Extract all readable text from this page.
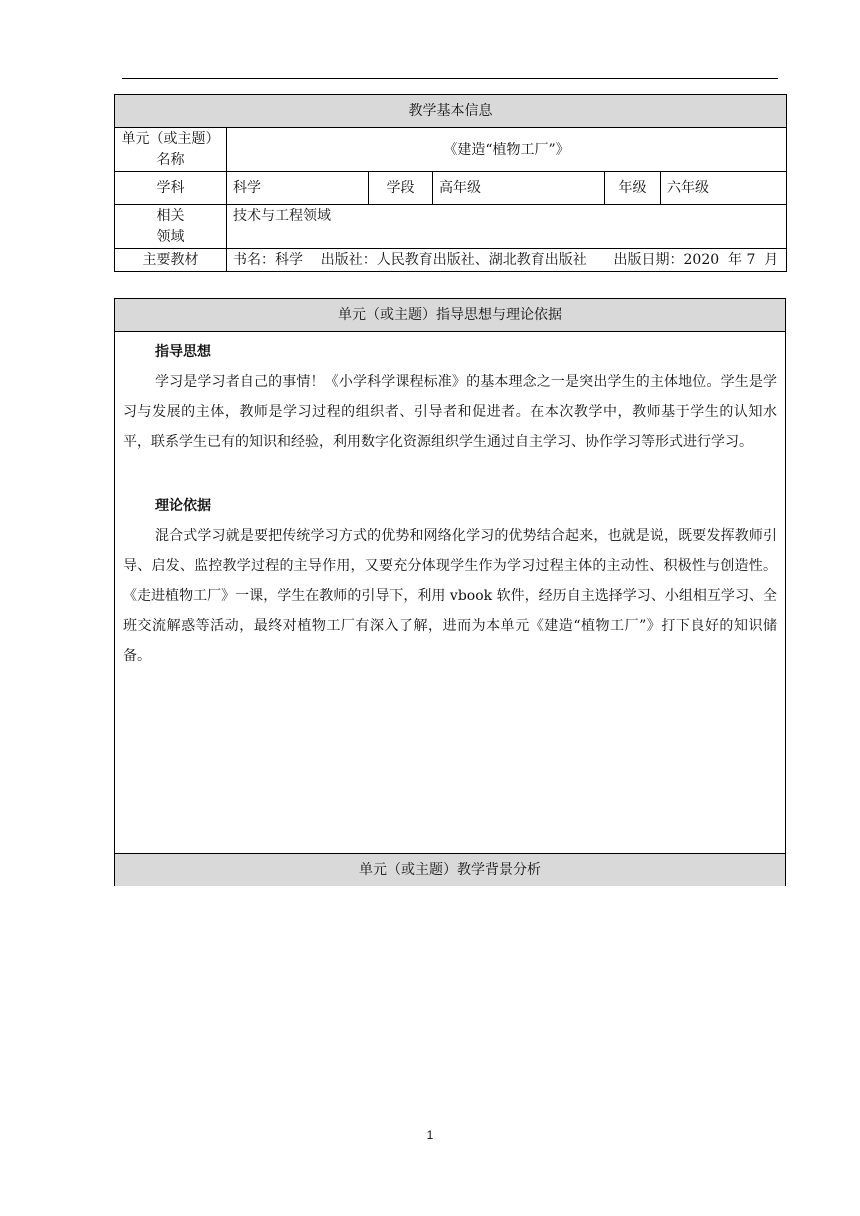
教学基本信息					
单元（或主题）
名称	《建造“植物工厂”》				
学科	科学	学段	高年级	年级	六年级
相关
领域	技术与工程领域				
主要教材	书名：科学    出版社：人民教育出版社、湖北教育出版社      出版日期：2020  年 7  月				
单元（或主题）指导思想与理论依据

指导思想

学习是学习者自己的事情！《小学科学课程标准》的基本理念之一是突出学生的主体地位。学生是学习与发展的主体，教师是学习过程的组织者、引导者和促进者。在本次教学中，教师基于学生的认知水平，联系学生已有的知识和经验，利用数字化资源组织学生通过自主学习、协作学习等形式进行学习。

理论依据

混合式学习就是要把传统学习方式的优势和网络化学习的优势结合起来，也就是说，既要发挥教师引导、启发、监控教学过程的主导作用，又要充分体现学生作为学习过程主体的主动性、积极性与创造性。《走进植物工厂》一课，学生在教师的引导下，利用 vbook 软件，经历自主选择学习、小组相互学习、全班交流解惑等活动，最终对植物工厂有深入了解，进而为本单元《建造“植物工厂”》打下良好的知识储备。

单元（或主题）教学背景分析
1
